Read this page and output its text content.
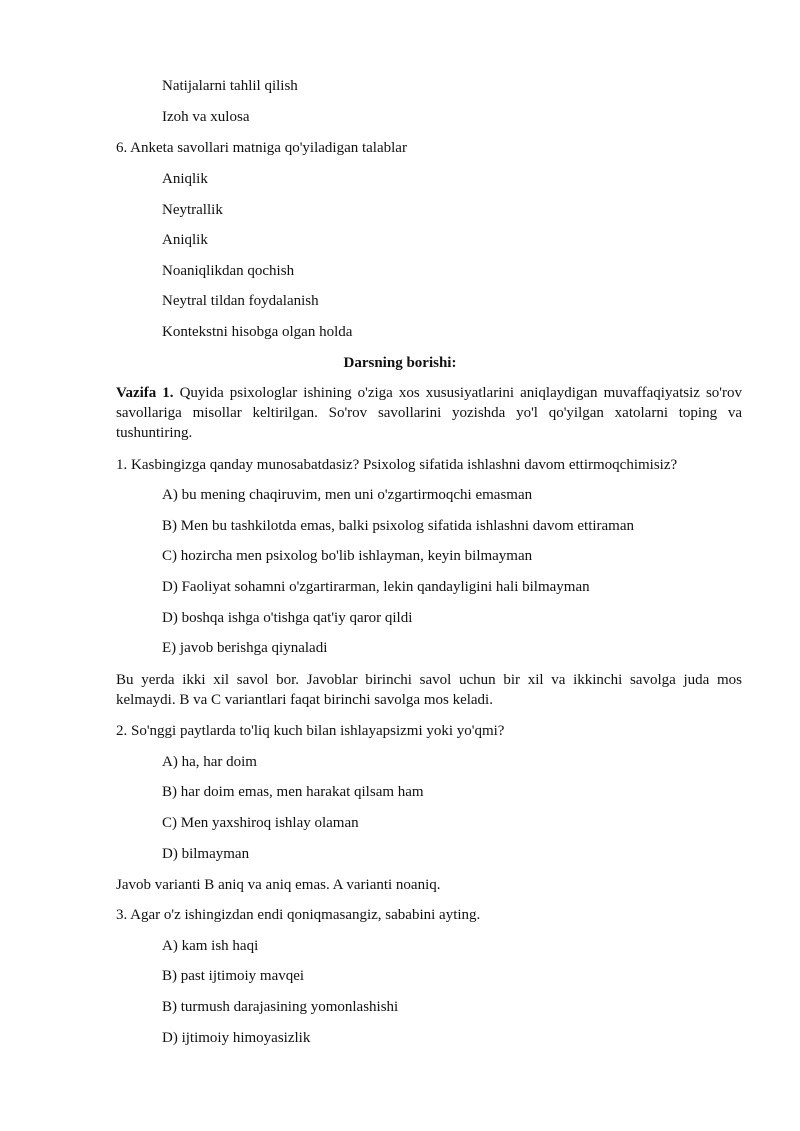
Natijalarni tahlil qilish
Izoh va xulosa
6. Anketa savollari matniga qo'yiladigan talablar
Aniqlik
Neytrallik
Aniqlik
Noaniqlikdan qochish
Neytral tildan foydalanish
Kontekstni hisobga olgan holda
Darsning borishi:
Vazifa 1. Quyida psixologlar ishining o'ziga xos xususiyatlarini aniqlaydigan muvaffaqiyatsiz so'rov savollariga misollar keltirilgan. So'rov savollarini yozishda yo'l qo'yilgan xatolarni toping va tushuntiring.
1. Kasbingizga qanday munosabatdasiz? Psixolog sifatida ishlashni davom ettirmoqchimisiz?
A) bu mening chaqiruvim, men uni o'zgartirmoqchi emasman
B) Men bu tashkilotda emas, balki psixolog sifatida ishlashni davom ettiraman
C) hozircha men psixolog bo'lib ishlayman, keyin bilmayman
D) Faoliyat sohamni o'zgartirarman, lekin qandayligini hali bilmayman
D) boshqa ishga o'tishga qat'iy qaror qildi
E) javob berishga qiynaladi
Bu yerda ikki xil savol bor. Javoblar birinchi savol uchun bir xil va ikkinchi savolga juda mos kelmaydi. B va C variantlari faqat birinchi savolga mos keladi.
2. So'nggi paytlarda to'liq kuch bilan ishlayapsizmi yoki yo'qmi?
A) ha, har doim
B) har doim emas, men harakat qilsam ham
C) Men yaxshiroq ishlay olaman
D) bilmayman
Javob varianti B aniq va aniq emas. A varianti noaniq.
3. Agar o'z ishingizdan endi qoniqmasangiz, sababini ayting.
A) kam ish haqi
B) past ijtimoiy mavqei
B) turmush darajasining yomonlashishi
D) ijtimoiy himoyasizlik
